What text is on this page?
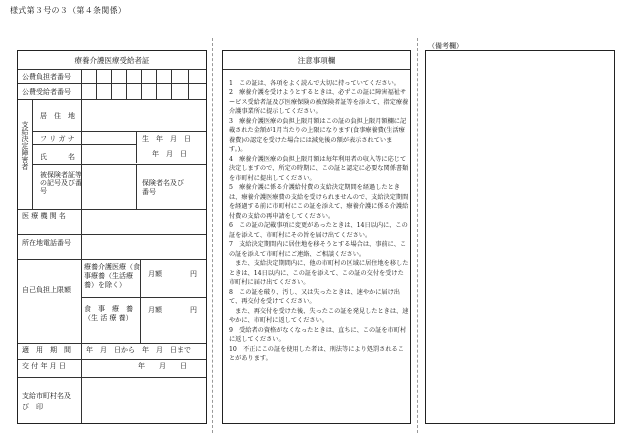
様式第３号の３（第４条関係）
療養介護医療受給者証
公費負担者番号
公費受給者番号
支給決定障害者
居　住　地
フ リ ガ ナ	生　年　月　日
氏　　　名	年　月　日
被保険者証等の記号及び番号
保険者名及び番号
医 療 機 関 名
所在地電話番号
自己負担上限額
療養介護医療（食事療養（生活療養）を除く）
月額　　　　円
食　事　療　養（生 活 療 養）
月額　　　　円
適　用　期　間 年　月　日から　年　月　日まで
交 付 年 月 日	年　　月　　日
支給市町村名及　び　印
注意事項欄

1　この証は、各項をよく読んで大切に持っていてください。

2　療養介護を受けようとするときは、必ずこの証に障害福祉サービス受給者証及び医療保険の被保険者証等を添えて、指定療養介護事業所に提示してください。

3　療養介護医療の負担上限月額はこの証の負担上限月額欄に記載された金額が1月当たりの上限になります(食事療養費(生活療養費)の認定を受けた場合には減免後の額が表示されています。)。

4　療養介護医療の負担上限月額は毎年利用者の収入等に応じて決定しますので、所定の時期に、この証と認定に必要な関係書類を市町村に提出してください。

5　療養介護に係る介護給付費の支給決定期間を経過したときは、療養介護医療費の支給を受けられませんので、支給決定期間を経過する前に市町村にこの証を添えて、療養介護に係る介護給付費の支給の再申請をしてください。

6　この証の記載事項に変更があったときは、14日以内に、この証を添えて、市町村にその旨を届け出てください。

7　支給決定期間内に居住地を移そうとする場合は、事前に、この証を添えて市町村にご連絡、ご相談ください。

　また、支給決定期間内に、他の市町村の区域に居住地を移したときは、14日以内に、この証を添えて、この証の交付を受けた市町村に届け出てください。

8　この証を破り、汚し、又は失ったときは、速やかに届け出て、再交付を受けてください。

　また、再交付を受けた後、失ったこの証を発見したときは、速やかに、市町村に返してください。

9　受給者の資格がなくなったときは、直ちに、この証を市町村に返してください。

10　不正にこの証を使用した者は、刑法等により処罰されることがあります。

（備考欄）
